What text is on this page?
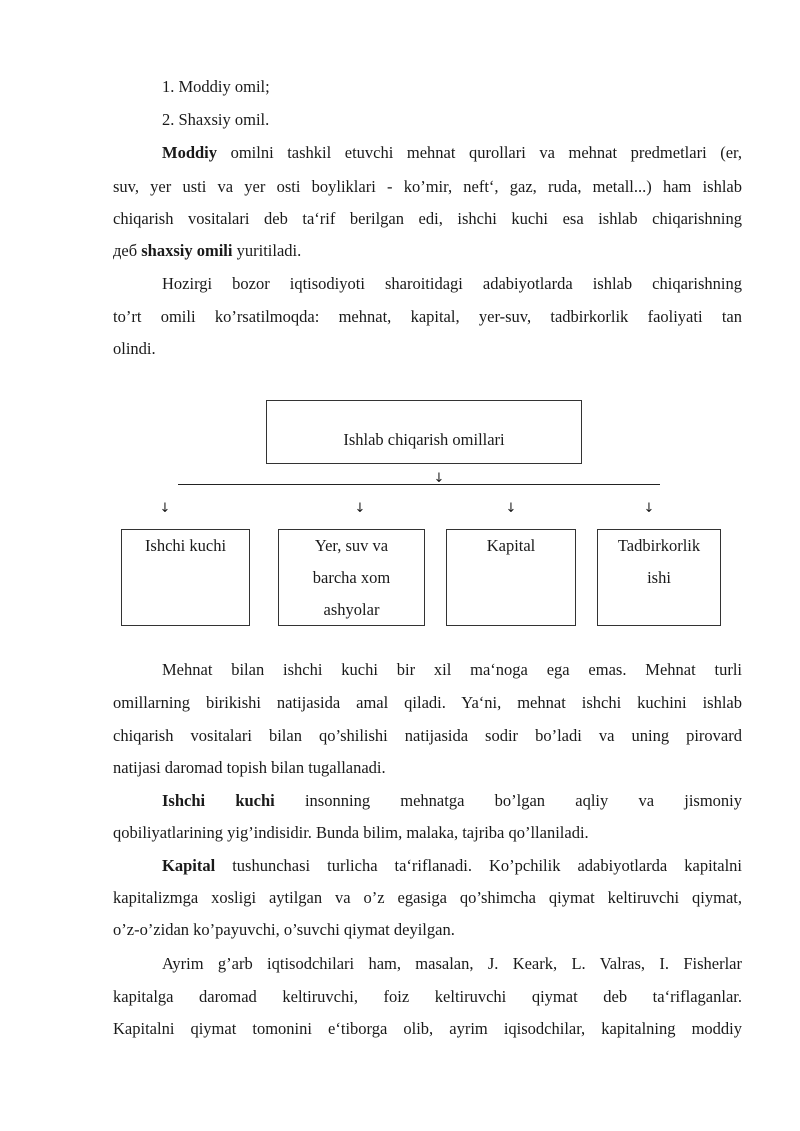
1. Moddiy omil;
2. Shaxsiy omil.
Moddiy omilni tashkil etuvchi mehnat qurollari va mehnat predmetlari (er,
suv, yer usti va yer osti boyliklari - ko’mir, neft‘, gaz, ruda, metall...) ham ishlab
chiqarish vositalari deb ta‘rif berilgan edi, ishchi kuchi esa ishlab chiqarishning
деб shaxsiy omili yuritiladi.
Hozirgi bozor iqtisodiyoti sharoitidagi adabiyotlarda ishlab chiqarishning
to’rt omili ko’rsatilmoqda: mehnat, kapital, yer-suv, tadbirkorlik faoliyati tan
olindi.
Ishlab chiqarish omillari
↓
↓	↓	↓	↓
Ishchi kuchi	Yer, suv va
barcha xom
ashyolar
Kapital	Tadbirkorlik
ishi
Mehnat bilan ishchi kuchi bir xil ma‘noga ega emas. Mehnat turli
omillarning birikishi natijasida amal qiladi. Ya‘ni, mehnat ishchi kuchini ishlab
chiqarish vositalari bilan qo’shilishi natijasida sodir bo’ladi va uning pirovard
natijasi daromad topish bilan tugallanadi.
Ishchi kuchi insonning mehnatga bo’lgan aqliy va jismoniy
qobiliyatlarining yig’indisidir. Bunda bilim, malaka, tajriba qo’llaniladi.
Kapital tushunchasi turlicha ta‘riflanadi. Ko’pchilik adabiyotlarda kapitalni
kapitalizmga xosligi aytilgan va o’z egasiga qo’shimcha qiymat keltiruvchi qiymat,
o’z-o’zidan ko’payuvchi, o’suvchi qiymat deyilgan.
Ayrim g’arb iqtisodchilari ham, masalan, J. Keark, L. Valras, I. Fisherlar
kapitalga daromad keltiruvchi, foiz keltiruvchi qiymat deb ta‘riflaganlar.
Kapitalni qiymat tomonini e‘tiborga olib, ayrim iqisodchilar, kapitalning moddiy
